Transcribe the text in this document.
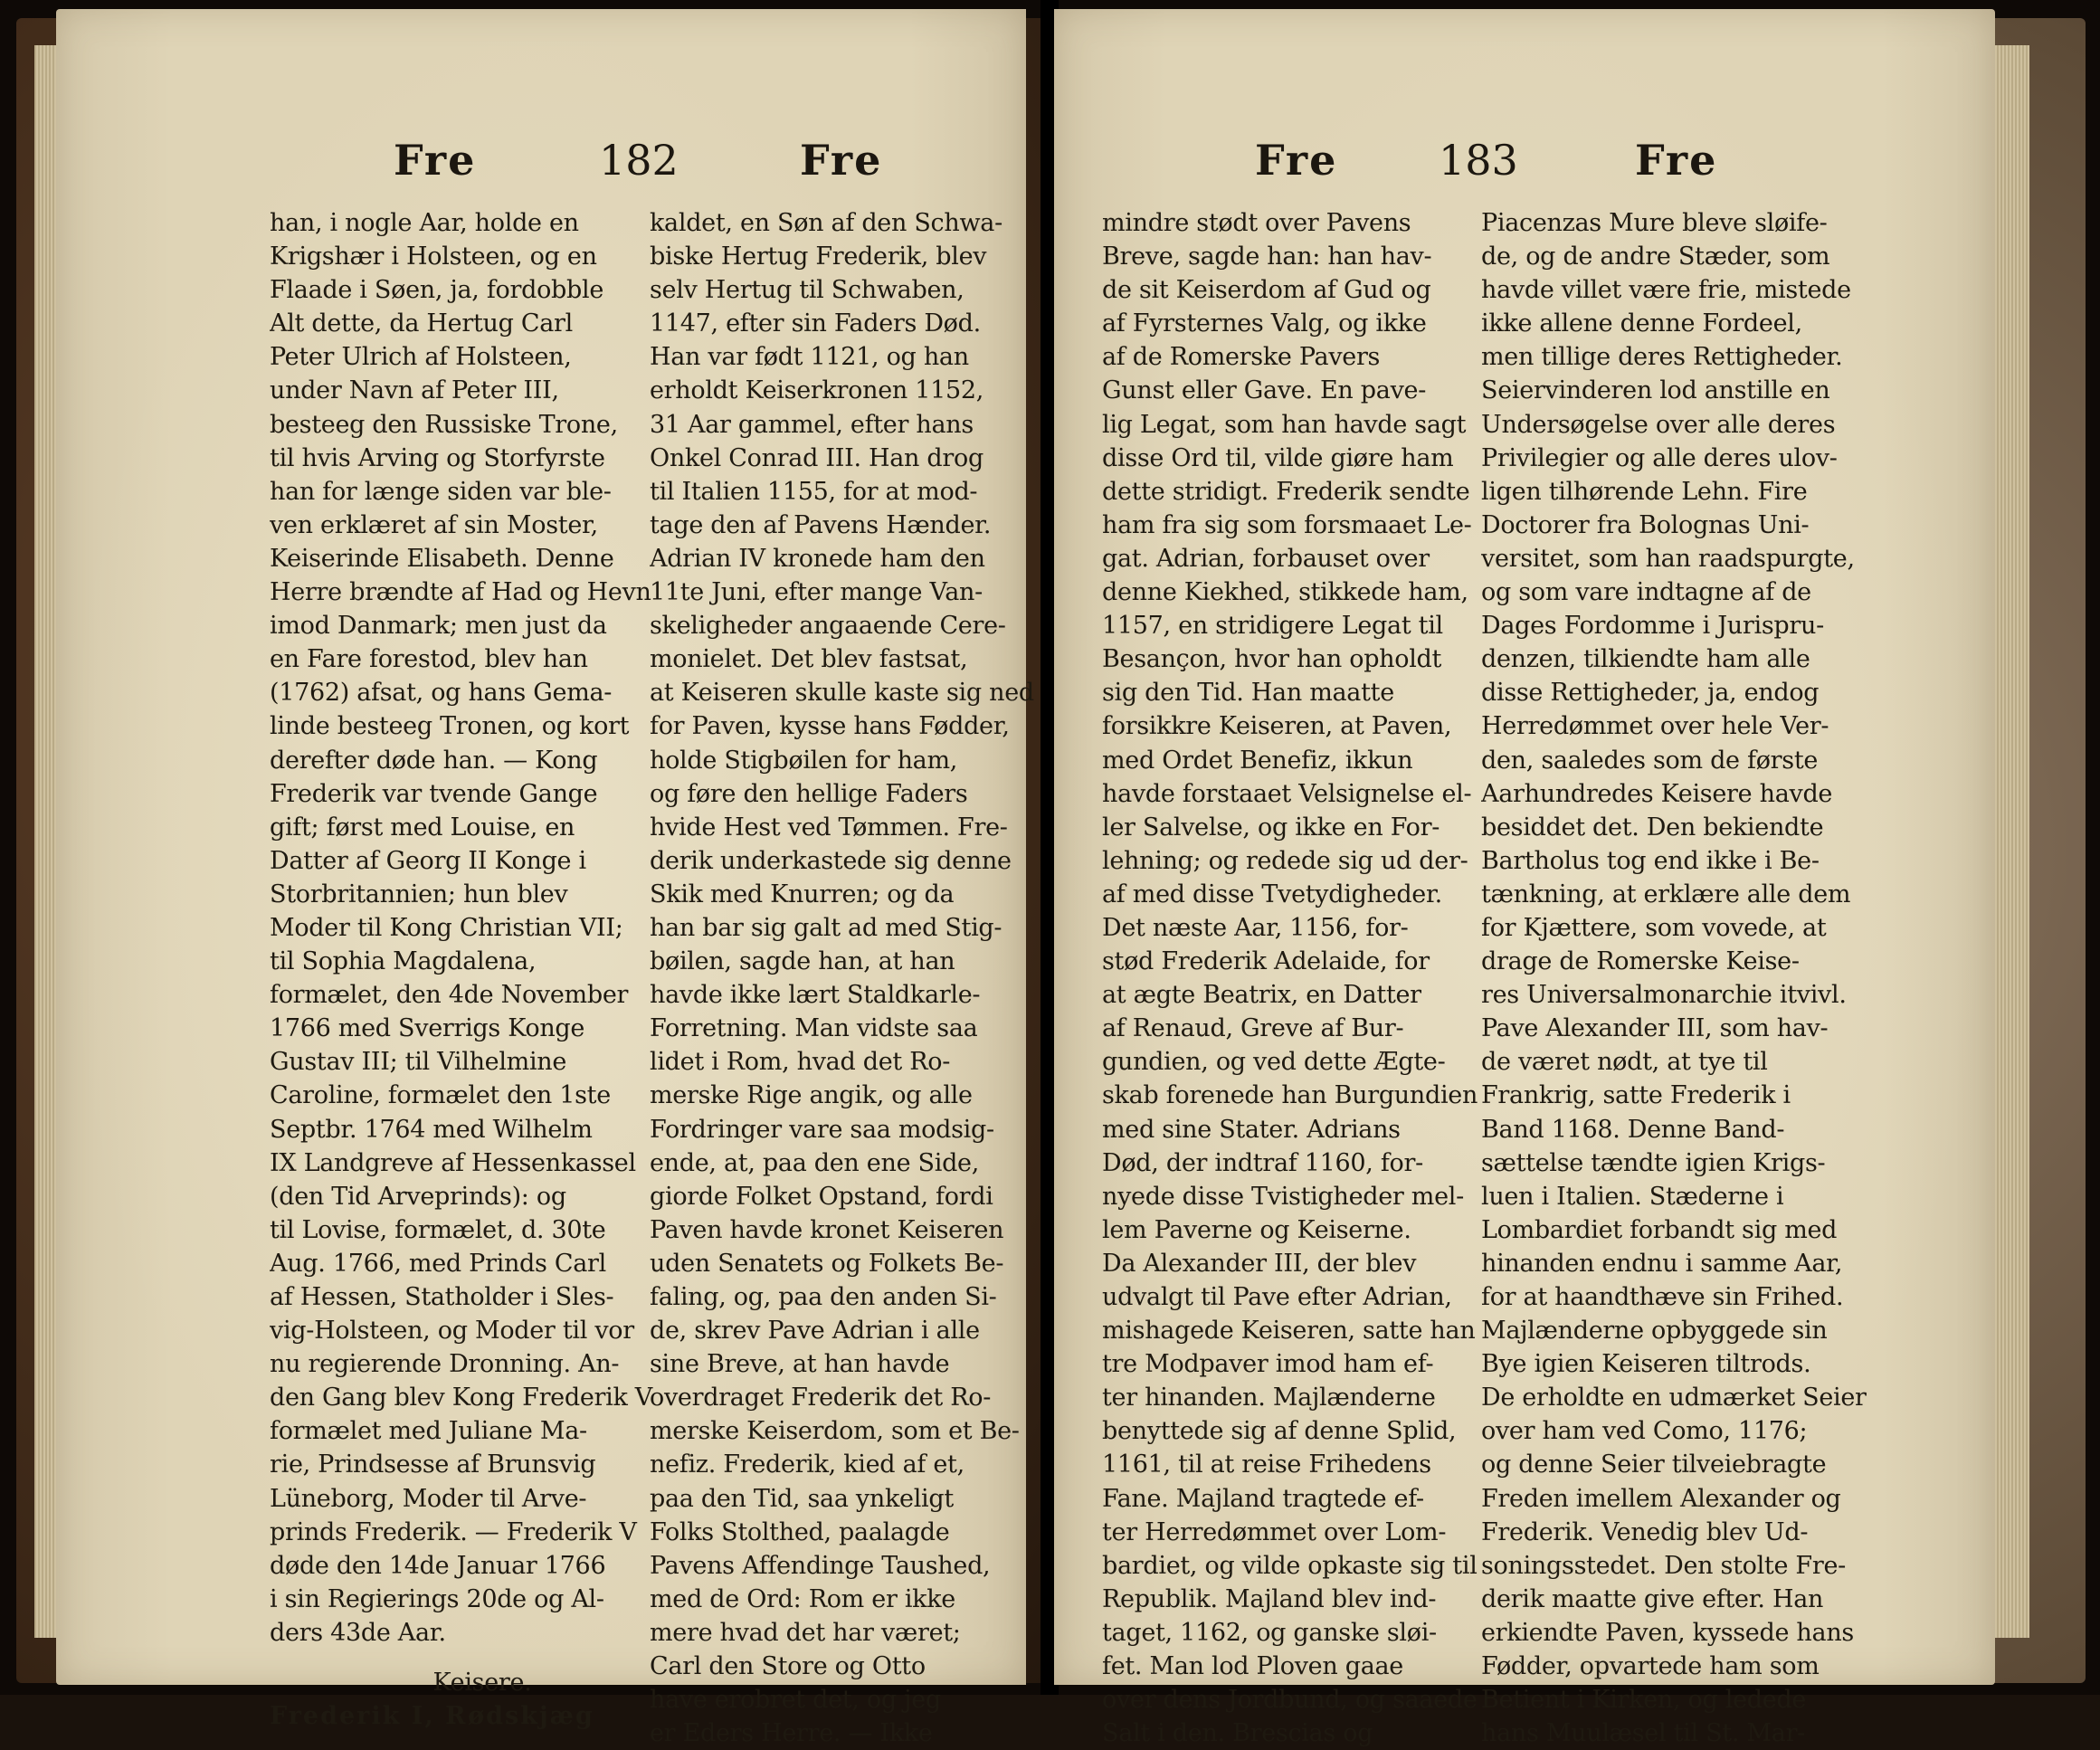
Fre	182	Fre
han, i nogle Aar, holde en
Krigshær i Holsteen, og en
Flaade i Søen, ja, fordobble
Alt dette, da Hertug Carl
Peter Ulrich af Holsteen,
under Navn af Peter III,
besteeg den Russiske Trone,
til hvis Arving og Storfyrste
han for længe siden var ble-
ven erklæret af sin Moster,
Keiserinde Elisabeth. Denne
Herre brændte af Had og Hevn
imod Danmark; men just da
en Fare forestod, blev han
(1762) afsat, og hans Gema-
linde besteeg Tronen, og kort
derefter døde han. — Kong
Frederik var tvende Gange
gift; først med Louise, en
Datter af Georg II Konge i
Storbritannien; hun blev
Moder til Kong Christian VII;
til Sophia Magdalena,
formælet, den 4de November
1766 med Sverrigs Konge
Gustav III; til Vilhelmine
Caroline, formælet den 1ste
Septbr. 1764 med Wilhelm
IX Landgreve af Hessenkassel
(den Tid Arveprinds): og
til Lovise, formælet, d. 30te
Aug. 1766, med Prinds Carl
af Hessen, Statholder i Sles-
vig-Holsteen, og Moder til vor
nu regierende Dronning. An-
den Gang blev Kong Frederik V
formælet med Juliane Ma-
rie, Prindsesse af Brunsvig
Lüneborg, Moder til Arve-
prinds Frederik. — Frederik V
døde den 14de Januar 1766
i sin Regierings 20de og Al-
ders 43de Aar.

Keisere.
Frederik I, Rødskjæg
kaldet, en Søn af den Schwa-
biske Hertug Frederik, blev
selv Hertug til Schwaben,
1147, efter sin Faders Død.
Han var født 1121, og han
erholdt Keiserkronen 1152,
31 Aar gammel, efter hans
Onkel Conrad III. Han drog
til Italien 1155, for at mod-
tage den af Pavens Hænder.
Adrian IV kronede ham den
11te Juni, efter mange Van-
skeligheder angaaende Cere-
monielet. Det blev fastsat,
at Keiseren skulle kaste sig ned
for Paven, kysse hans Fødder,
holde Stigbøilen for ham,
og føre den hellige Faders
hvide Hest ved Tømmen. Fre-
derik underkastede sig denne
Skik med Knurren; og da
han bar sig galt ad med Stig-
bøilen, sagde han, at han
havde ikke lært Staldkarle-
Forretning. Man vidste saa
lidet i Rom, hvad det Ro-
merske Rige angik, og alle
Fordringer vare saa modsig-
ende, at, paa den ene Side,
giorde Folket Opstand, fordi
Paven havde kronet Keiseren
uden Senatets og Folkets Be-
faling, og, paa den anden Si-
de, skrev Pave Adrian i alle
sine Breve, at han havde
overdraget Frederik det Ro-
merske Keiserdom, som et Be-
nefiz. Frederik, kied af et,
paa den Tid, saa ynkeligt
Folks Stolthed, paalagde
Pavens Affendinge Taushed,
med de Ord: Rom er ikke
mere hvad det har været;
Carl den Store og Otto
have erobret det, og jeg
er Eders Herre. — Ikke
Fre 183	Fre
mindre stødt over Pavens
Breve, sagde han: han hav-
de sit Keiserdom af Gud og
af Fyrsternes Valg, og ikke
af de Romerske Pavers
Gunst eller Gave. En pave-
lig Legat, som han havde sagt
disse Ord til, vilde giøre ham
dette stridigt. Frederik sendte
ham fra sig som forsmaaet Le-
gat. Adrian, forbauset over
denne Kiekhed, stikkede ham,
1157, en stridigere Legat til
Besançon, hvor han opholdt
sig den Tid. Han maatte
forsikkre Keiseren, at Paven,
med Ordet Benefiz, ikkun
havde forstaaet Velsignelse el-
ler Salvelse, og ikke en For-
lehning; og redede sig ud der-
af med disse Tvetydigheder.
Det næste Aar, 1156, for-
stød Frederik Adelaide, for
at ægte Beatrix, en Datter
af Renaud, Greve af Bur-
gundien, og ved dette Ægte-
skab forenede han Burgundien
med sine Stater. Adrians
Død, der indtraf 1160, for-
nyede disse Tvistigheder mel-
lem Paverne og Keiserne.
Da Alexander III, der blev
udvalgt til Pave efter Adrian,
mishagede Keiseren, satte han
tre Modpaver imod ham ef-
ter hinanden. Majlænderne
benyttede sig af denne Splid,
1161, til at reise Frihedens
Fane. Majland tragtede ef-
ter Herredømmet over Lom-
bardiet, og vilde opkaste sig til
Republik. Majland blev ind-
taget, 1162, og ganske sløi-
fet. Man lod Ploven gaae
over dens Jordbund, og saaede
Salt i den. Brescias og
Piacenzas Mure bleve sløife-
de, og de andre Stæder, som
havde villet være frie, mistede
ikke allene denne Fordeel,
men tillige deres Rettigheder.
Seiervinderen lod anstille en
Undersøgelse over alle deres
Privilegier og alle deres ulov-
ligen tilhørende Lehn. Fire
Doctorer fra Bolognas Uni-
versitet, som han raadspurgte,
og som vare indtagne af de
Dages Fordomme i Jurispru-
denzen, tilkiendte ham alle
disse Rettigheder, ja, endog
Herredømmet over hele Ver-
den, saaledes som de første
Aarhundredes Keisere havde
besiddet det. Den bekiendte
Bartholus tog end ikke i Be-
tænkning, at erklære alle dem
for Kjættere, som vovede, at
drage de Romerske Keise-
res Universalmonarchie itvivl.
Pave Alexander III, som hav-
de været nødt, at tye til
Frankrig, satte Frederik i
Band 1168. Denne Band-
sættelse tændte igien Krigs-
luen i Italien. Stæderne i
Lombardiet forbandt sig med
hinanden endnu i samme Aar,
for at haandthæve sin Frihed.
Majlænderne opbyggede sin
Bye igien Keiseren tiltrods.
De erholdte en udmærket Seier
over ham ved Como, 1176;
og denne Seier tilveiebragte
Freden imellem Alexander og
Frederik. Venedig blev Ud-
soningsstedet. Den stolte Fre-
derik maatte give efter. Han
erkiendte Paven, kyssede hans
Fødder, opvartede ham som
Betient i Kirken, og ledede
hans Muulæsel til St. Mar-
